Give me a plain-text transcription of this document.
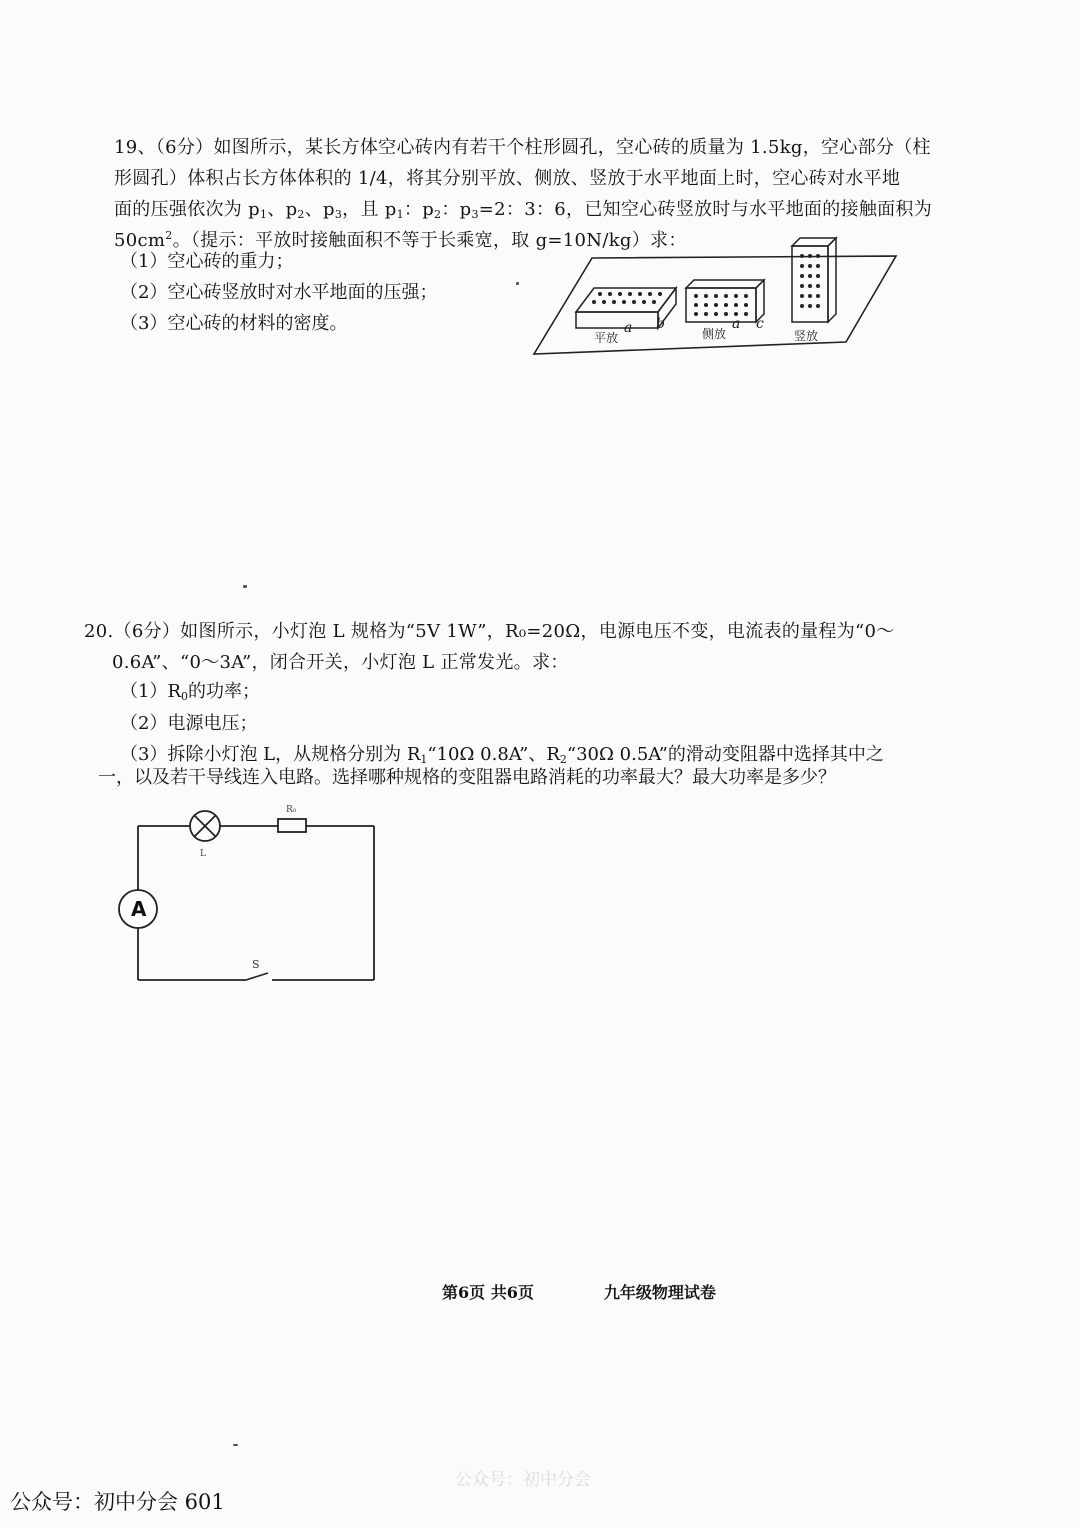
19、（6分）如图所示，某长方体空心砖内有若干个柱形圆孔，空心砖的质量为 1.5kg，空心部分（柱
形圆孔）体积占长方体体积的 1/4，将其分别平放、侧放、竖放于水平地面上时，空心砖对水平地
面的压强依次为 $p_1$、$p_2$、$p_3$，且 $p_1$：$p_2$：$p_3=2$：3：6，已知空心砖竖放时与水平地面的接触面积为
$50cm^2$。（提示：平放时接触面积不等于长乘宽，取 g=10N/kg）求：
（1）空心砖的重力；
（2）空心砖竖放时对水平地面的压强；
（3）空心砖的材料的密度。
平放
a b
侧放
a c
竖放
20.（6分）如图所示，小灯泡 L 规格为“5V 1W”，R₀=20Ω，电源电压不变，电流表的量程为“0～
0.6A”、“0～3A”，闭合开关，小灯泡 L 正常发光。求：
$(1)R_0$的功率；
（2）电源电压；
（3）拆除小灯泡 L，从规格分别为 $R_1“10\Omega$ 0.8A”、$R_2“30\Omega$ 0.5A”的滑动变阻器中选择其中之
一，以及若干导线连入电路。选择哪种规格的变阻器电路消耗的功率最大？最大功率是多少？
L
R₀
A
S
第6页 共6页	九年级物理试卷
公众号：初中分会
公众号：初中分会 601
